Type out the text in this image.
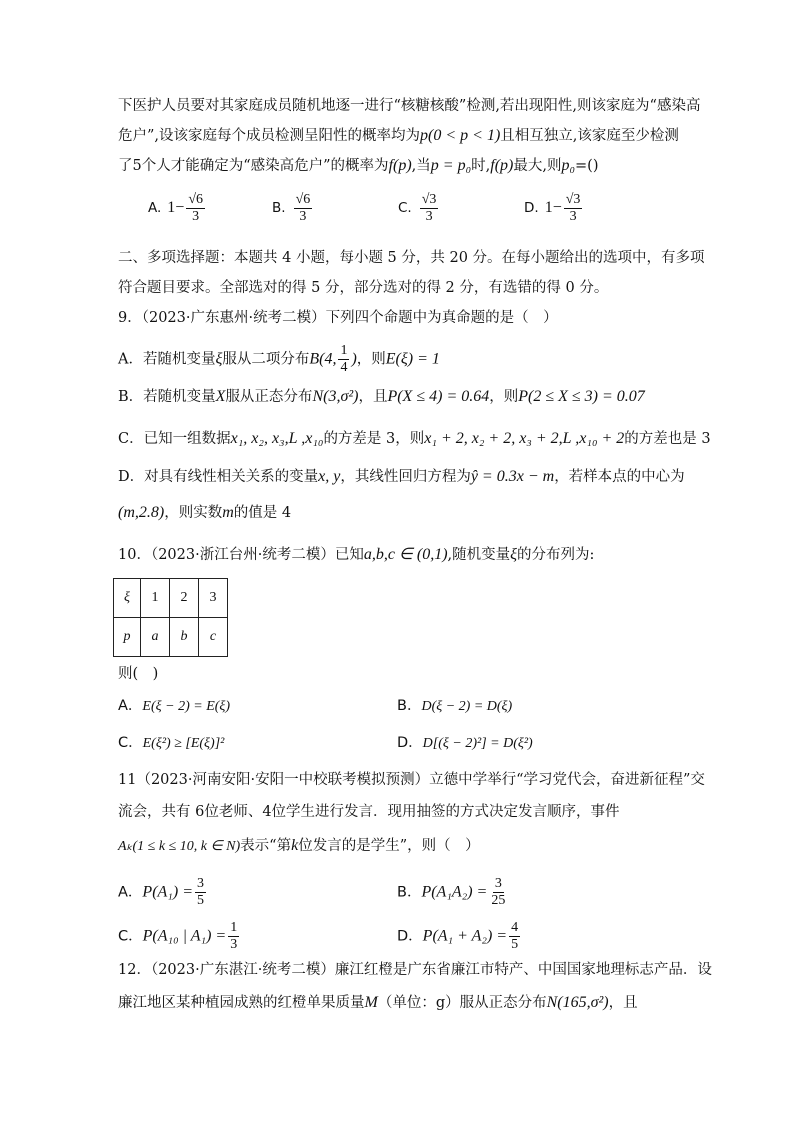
下医护人员要对其家庭成员随机地逐一进行“核糖核酸”检测,若出现阳性,则该家庭为“感染高
危户”,设该家庭每个成员检测呈阳性的概率均为p(0 < p < 1)且相互独立,该家庭至少检测
了5个人才能确定为“感染高危户”的概率为f(p),当p = p₀时,f(p)最大,则p₀=()
A. $1- \frac{√6}{3}$	B. $\frac{√6}{3}$	C. $\frac{√3}{3}$	D. $1- \frac{√3}{3}$
二、多项选择题：本题共 4 小题，每小题 5 分，共 20 分。在每小题给出的选项中，有多项
符合题目要求。全部选对的得 5 分，部分选对的得 2 分，有选错的得 0 分。
9．（2023·广东惠州·统考二模）下列四个命题中为真命题的是（　）
A．若随机变量ξ服从二项分布B(4, $\frac{1}{4}$ )，则E(ξ) = 1
B．若随机变量X服从正态分布N(3,σ²)，且P(X ≤ 4) = 0.64，则P(2 ≤ X ≤ 3) = 0.07
C．已知一组数据x₁, x₂, x₃,L ,x₁₀的方差是 3，则x₁ + 2, x₂ + 2, x₃ + 2,L ,x₁₀ + 2的方差也是 3
D．对具有线性相关关系的变量x, y，其线性回归方程为ŷ = 0.3x − m，若样本点的中心为
(m,2.8)，则实数m的值是 4
10．（2023·浙江台州·统考二模）已知a,b,c ∈ (0,1),随机变量ξ的分布列为:
ξ	1	2	3
p	a	b	c
则(　)
A．E(ξ − 2) = E(ξ)	B．D(ξ − 2) = D(ξ)
C．E(ξ²) ≥ [E(ξ)]²	D．D[(ξ − 2)²] = D(ξ²)
11（2023·河南安阳·安阳一中校联考模拟预测）立德中学举行“学习党代会，奋进新征程”交
流会，共有 6位老师、4位学生进行发言．现用抽签的方式决定发言顺序，事件
Aₖ(1 ≤ k ≤ 10, k ∈ N)表示“第k位发言的是学生”，则（　）
A．$P(A_1) = \frac{3}{5}$	B．$P(A_1A_2) = \frac{3}{25}$
C．P(A₁₀ | $A_1) = \frac{1}{3}$	D．$P(A_1 + A_2) = \frac{4}{5}$
12．（2023·广东湛江·统考二模）廉江红橙是广东省廉江市特产、中国国家地理标志产品．设
廉江地区某种植园成熟的红橙单果质量M（单位：g）服从正态分布N(165,σ²)，且
